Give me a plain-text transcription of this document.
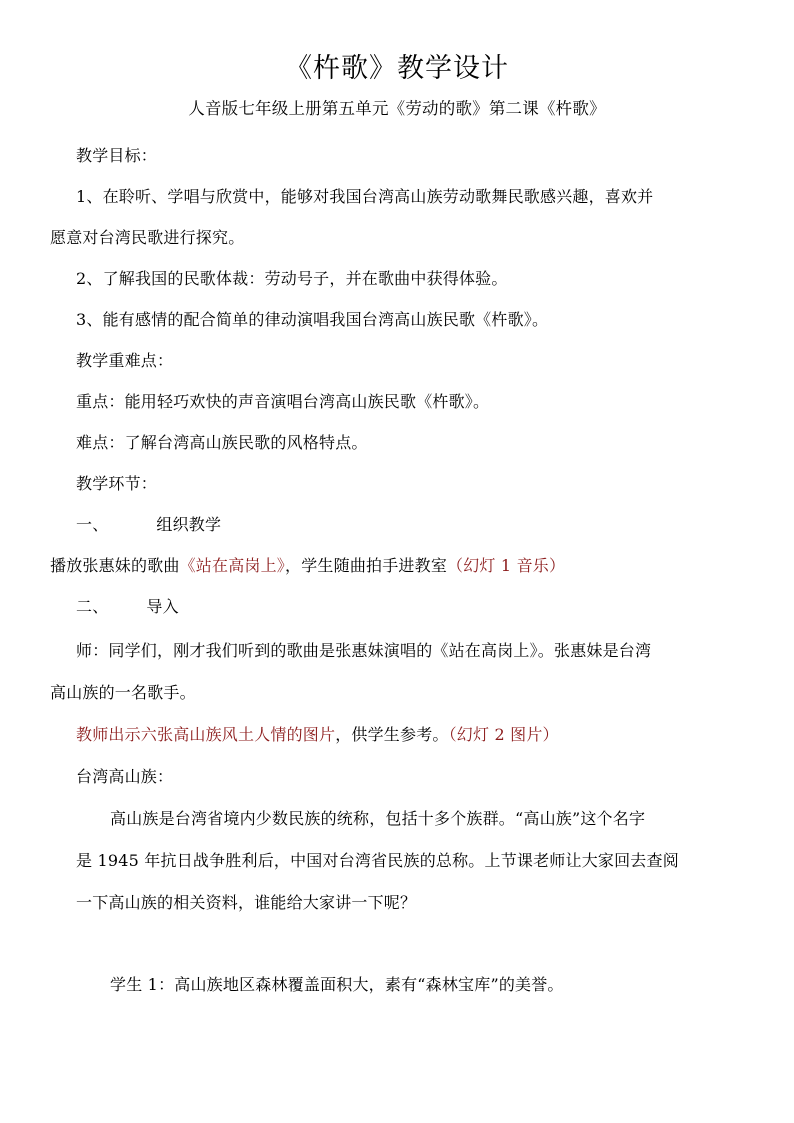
《杵歌》教学设计
人音版七年级上册第五单元《劳动的歌》第二课《杵歌》
教学目标：
1、在聆听、学唱与欣赏中，能够对我国台湾高山族劳动歌舞民歌感兴趣，喜欢并
愿意对台湾民歌进行探究。
2、了解我国的民歌体裁：劳动号子，并在歌曲中获得体验。
3、能有感情的配合简单的律动演唱我国台湾高山族民歌《杵歌》。
教学重难点：
重点：能用轻巧欢快的声音演唱台湾高山族民歌《杵歌》。
难点：了解台湾高山族民歌的风格特点。
教学环节：
一、	组织教学
播放张惠妹的歌曲《站在高岗上》，学生随曲拍手进教室（幻灯 1 音乐）
二、 导入
师：同学们，刚才我们听到的歌曲是张惠妹演唱的《站在高岗上》。张惠妹是台湾
高山族的一名歌手。
教师出示六张高山族风土人情的图片，供学生参考。（幻灯 2 图片）
台湾高山族：
高山族是台湾省境内少数民族的统称，包括十多个族群。“高山族”这个名字
是 1945 年抗日战争胜利后，中国对台湾省民族的总称。上节课老师让大家回去查阅
一下高山族的相关资料，谁能给大家讲一下呢？
学生 1：高山族地区森林覆盖面积大，素有“森林宝库”的美誉。
